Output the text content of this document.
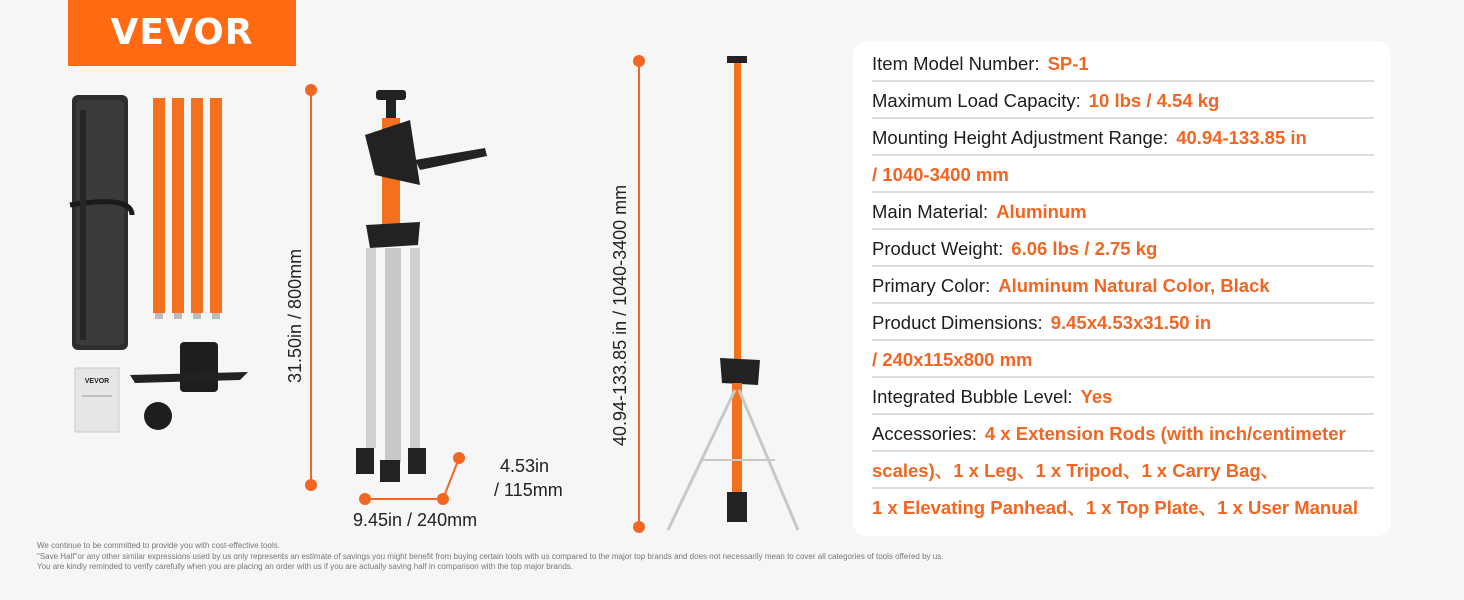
VEVOR
VEVOR	31.50in / 800mm
4.53in
/ 115mm
9.45in / 240mm
40.94-133.85 in / 1040-3400 mm
Item Model Number: SP-1
Maximum Load Capacity: 10 lbs / 4.54 kg
Mounting Height Adjustment Range: 40.94-133.85 in
/ 1040-3400 mm
Main Material: Aluminum
Product Weight: 6.06 lbs / 2.75 kg
Primary Color: Aluminum Natural Color, Black
Product Dimensions: 9.45x4.53x31.50 in
/ 240x115x800 mm
Integrated Bubble Level: Yes
Accessories: 4 x Extension Rods (with inch/centimeter
scales)、1 x Leg、1 x Tripod、1 x Carry Bag、
1 x Elevating Panhead、1 x Top Plate、1 x User Manual
We continue to be committed to provide you with cost-effective tools.
"Save Half"or any other similar expressions used by us only represents an estimate of savings you might benefit from buying certain tools with us compared to the major top brands and does not necessarily mean to cover all categories of tools offered by us.
You are kindly reminded to verify carefully when you are placing an order with us if you are actually saving half in comparison with the top major brands.
